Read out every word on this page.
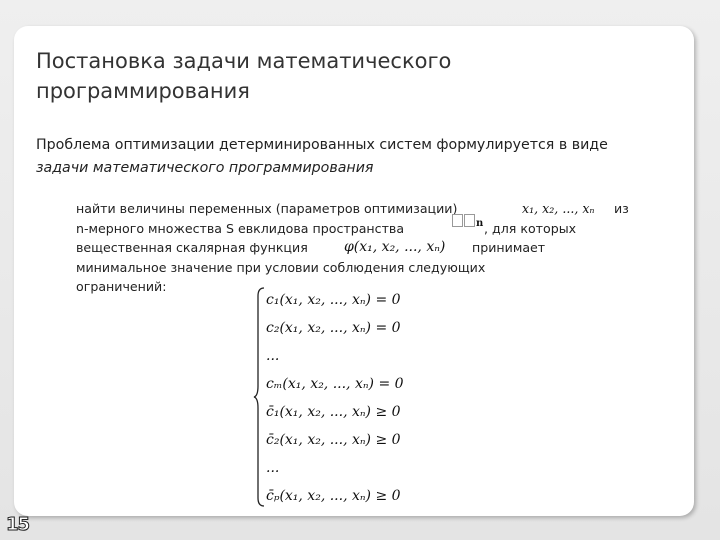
Постановка задачи математического
программирования
Проблема оптимизации детерминированных систем формулируется в виде
задачи математического программирования
найти величины переменных (параметров оптимизации)	x₁, x₂, ..., xₙ из
n-мерного множества S евклидова пространства	n , для которых
вещественная скалярная функция	φ(x₁, x₂, ..., xₙ) принимает
минимальное значение при условии соблюдения следующих
ограничений:
c₁(x₁, x₂, ..., xₙ) = 0
c₂(x₁, x₂, ..., xₙ) = 0
...
cₘ(x₁, x₂, ..., xₙ) = 0
c̄₁(x₁, x₂, ..., xₙ) ≥ 0
c̄₂(x₁, x₂, ..., xₙ) ≥ 0
...
c̄ₚ(x₁, x₂, ..., xₙ) ≥ 0
15
